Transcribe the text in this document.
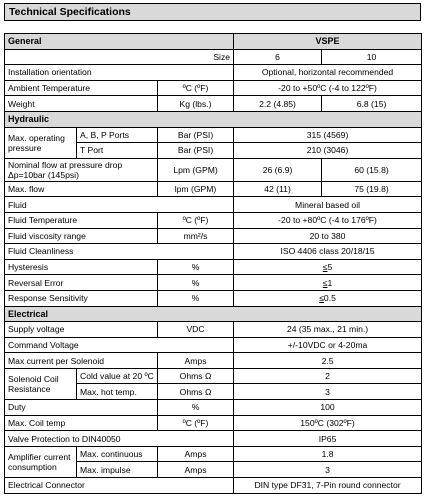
Technical Specifications
General			VSPE	
Size			6	10
Installation orientation			Optional, horizontal recommended	
Ambient Temperature		ºC (ºF)	-20 to +50ºC (-4 to 122ºF)	
Weight		Kg (lbs.)	2.2 (4.85)	6.8 (15)
Hydraulic				
Max. operating pressure	A, B, P Ports	Bar (PSI)	315 (4569)	
	T Port	Bar (PSI)	210 (3046)	
Nominal flow at pressure drop Δp=10bar (145psi)		Lpm (GPM)	26 (6.9)	60 (15.8)
Max. flow		lpm (GPM)	42 (11)	75 (19.8)
Fluid			Mineral based oil	
Fluid Temperature		ºC (ºF)	-20 to +80ºC (-4 to 176ºF)	
Fluid viscosity range		mm²/s	20 to 380	
Fluid Cleanliness			ISO 4406 class 20/18/15	
Hysteresis		%	≤5	
Reversal Error		%	≤1	
Response Sensitivity		%	≤0.5	
Electrical				
Supply voltage		VDC	24 (35 max., 21 min.)	
Command Voltage			+/-10VDC or 4-20ma	
Max current per Solenoid		Amps	2.5	
Solenoid Coil Resistance	Cold value at 20 ºC	Ohms Ω	2	
	Max. hot temp.	Ohms Ω	3	
Duty		%	100	
Max. Coil temp		ºC (ºF)	150ºC (302ºF)	
Valve Protection to DIN40050			IP65	
Amplifier current consumption	Max. continuous	Amps	1.8	
	Max. impulse	Amps	3	
Electrical Connector			DIN type DF31, 7-Pin round connector	
